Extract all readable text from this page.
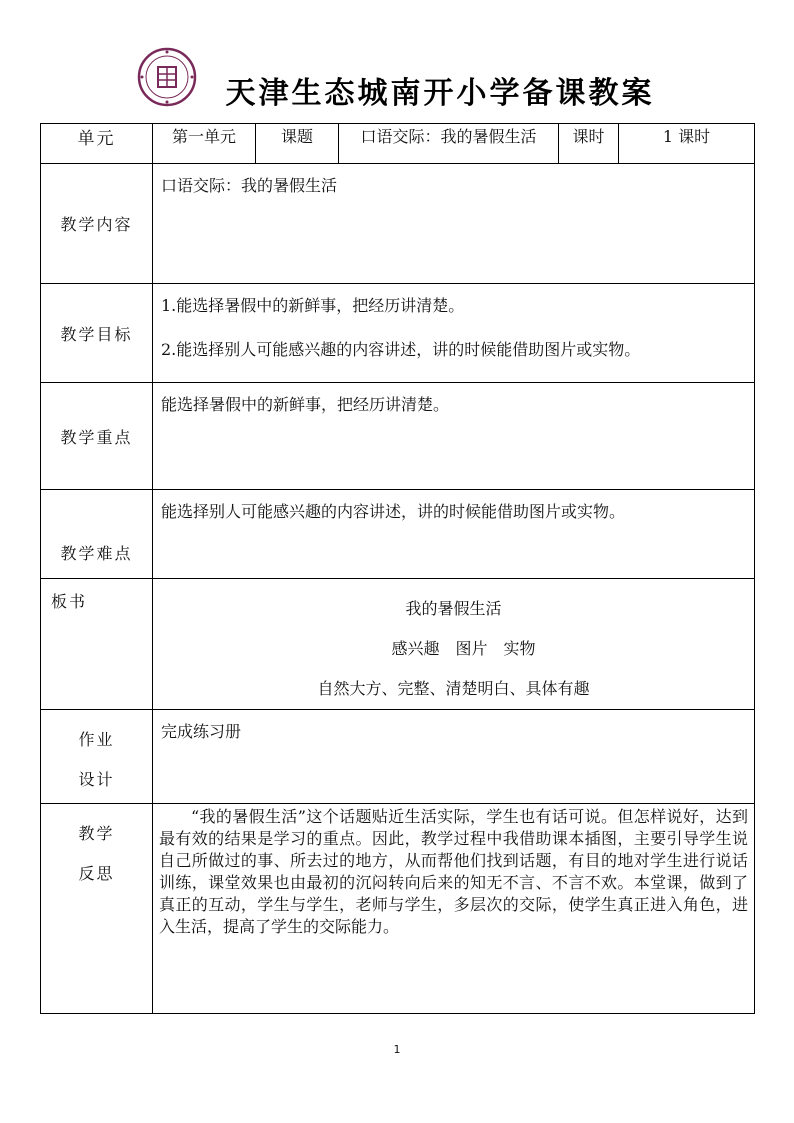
天津生态城南开小学备课教案
单元	第一单元	课题	口语交际：我的暑假生活	课时	1 课时
教学内容	口语交际：我的暑假生活				
教学目标	1.能选择暑假中的新鲜事，把经历讲清楚。
2.能选择别人可能感兴趣的内容讲述，讲的时候能借助图片或实物。				

教学重点	能选择暑假中的新鲜事，把经历讲清楚。				
教学难点	能选择别人可能感兴趣的内容讲述，讲的时候能借助图片或实物。				
板书	我的暑假生活
感兴趣　图片　实物
自然大方、完整、清楚明白、具体有趣				

作业
设计	完成练习册				

教学
反思	“我的暑假生活”这个话题贴近生活实际，学生也有话可说。但怎样说好，达到最有效的结果是学习的重点。因此，教学过程中我借助课本插图，主要引导学生说自己所做过的事、所去过的地方，从而帮他们找到话题，有目的地对学生进行说话训练，课堂效果也由最初的沉闷转向后来的知无不言、不言不欢。本堂课，做到了真正的互动，学生与学生，老师与学生，多层次的交际，使学生真正进入角色，进入生活，提高了学生的交际能力。				
1
